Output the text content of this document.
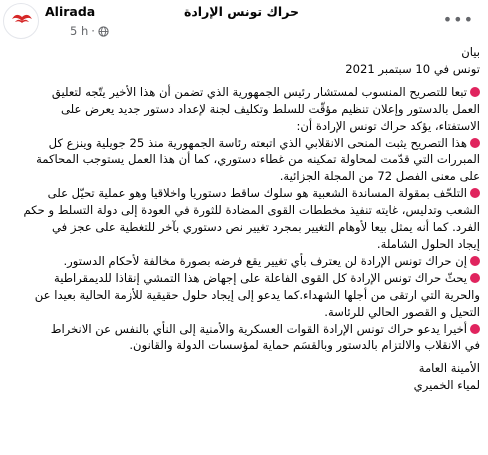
Alirada	حراك تونس الإرادة
5 h ·
•••
بيان
تونس في 10 سبتمبر 2021
تبعا للتصريح المنسوب لمستشار رئيس الجمهورية الذي تضمن أن هذا الأخير يتّجه لتعليق
العمل بالدستور وإعلان تنظيم مؤقّت للسلط وتكليف لجنة لإعداد دستور جديد يعرض على
الاستفتاء، يؤكد حراك تونس الإرادة أن:
هذا التصريح يثبت المنحى الانقلابي الذي اتبعته رئاسة الجمهورية منذ 25 جويلية وينزع كل
المبررات التي قدّمت لمحاولة تمكينه من غطاء دستوري، كما أن هذا العمل يستوجب المحاكمة
على معنى الفصل 72 من المجلة الجزائية.
التلحّف بمقولة المساندة الشعبية هو سلوك ساقط دستوريا واخلاقيا وهو عملية تحيّل على
الشعب وتدليس، غايته تنفيذ مخططات القوى المضادة للثورة في العودة إلى دولة التسلط و حكم
الفرد. كما أنه يمثل بيعا لأوهام التغيير بمجرد تغيير نص دستوري بآخر للتغطية على عجز في
إيجاد الحلول الشاملة.
إن حراك تونس الإرادة لن يعترف بأي تغيير يقع فرضه بصورة مخالفة لأحكام الدستور.
يحثّ حراك تونس الإرادة كل القوى الفاعلة على إجهاض هذا التمشي إنقاذا للديمقراطية
والحرية التي ارتقى من أجلها الشهداء.كما يدعو إلى إيجاد حلول حقيقية للأزمة الحالية بعيدا عن
التحيل و القصور الحالي للرئاسة.
أخيرا يدعو حراك تونس الإرادة القوات العسكرية والأمنية إلى النأي بالنفس عن الانخراط
في الانقلاب والالتزام بالدستور وبالقسَم حماية لمؤسسات الدولة والقانون.
الأمينة العامة
لمياء الخميري
